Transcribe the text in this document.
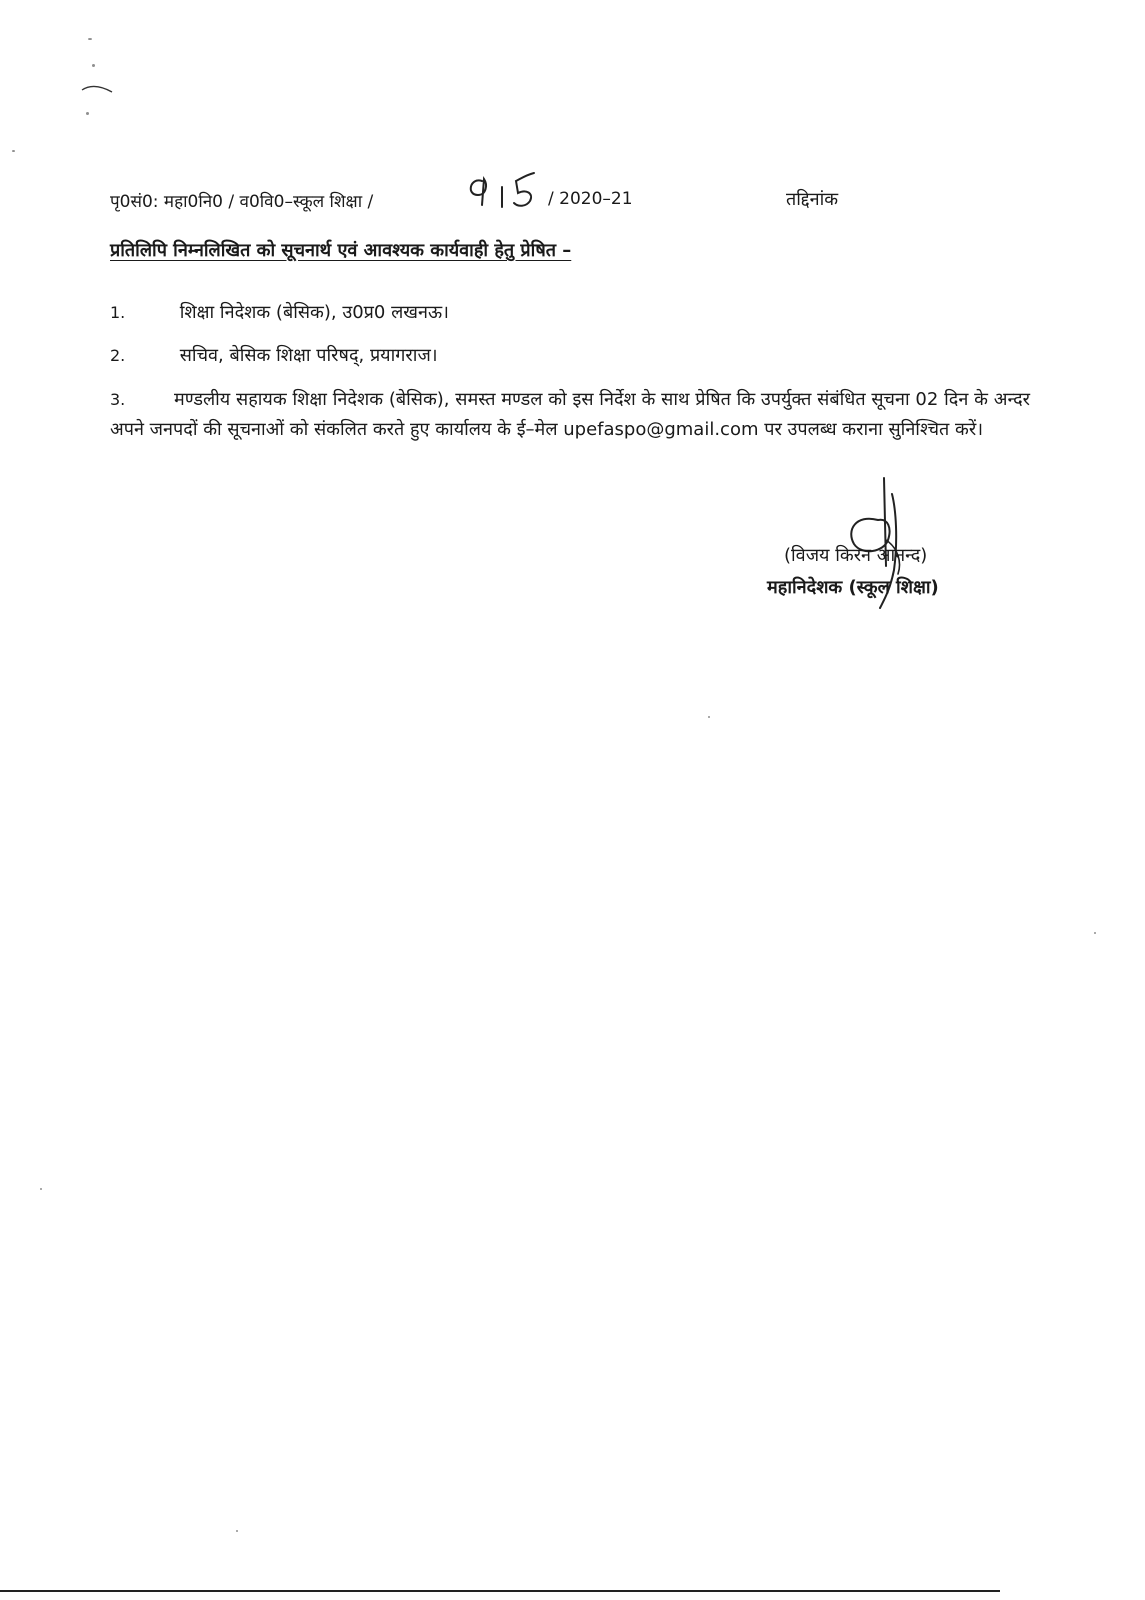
पृ0सं0: महा0नि0 / व0वि0–स्कूल शिक्षा /	/ 2020–21	तद्दिनांक
प्रतिलिपि निम्नलिखित को सूचनार्थ एवं आवश्यक कार्यवाही हेतु प्रेषित –
1.	शिक्षा निदेशक (बेसिक), उ0प्र0 लखनऊ।
2.	सचिव, बेसिक शिक्षा परिषद्, प्रयागराज।
3.	मण्डलीय सहायक शिक्षा निदेशक (बेसिक), समस्त मण्डल को इस निर्देश के साथ प्रेषित कि उपर्युक्त संबंधित सूचना 02 दिन के अन्दर अपने जनपदों की सूचनाओं को संकलित करते हुए कार्यालय के ई–मेल upefaspo@gmail.com पर उपलब्ध कराना सुनिश्चित करें।
(विजय किरन आनन्द)
महानिदेशक (स्कूल शिक्षा)
